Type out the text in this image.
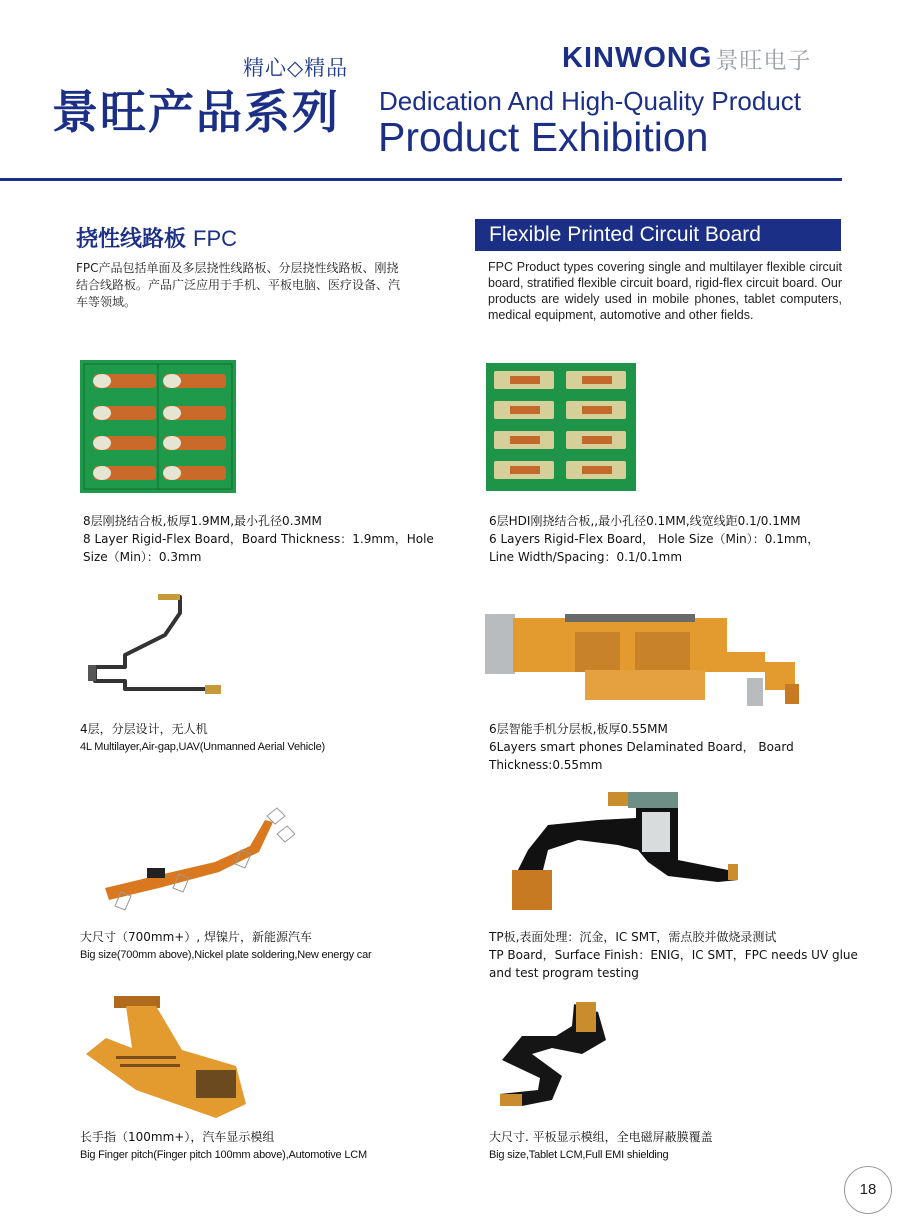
精心◇精品
景旺产品系列 Dedication And High-Quality Product
Product Exhibition
KINWONG 景旺电子
挠性线路板 FPC	Flexible Printed Circuit Board
FPC产品包括单面及多层挠性线路板、分层挠性线路板、刚挠结合线路板。产品广泛应用于手机、平板电脑、医疗设备、汽车等领域。
FPC Product types covering single and multilayer flexible circuit board, stratified flexible circuit board, rigid-flex circuit board. Our products are widely used in mobile phones, tablet computers, medical equipment, automotive and other fields.
8层刚挠结合板,板厚1.9MM,最小孔径0.3MM
8 Layer Rigid-Flex Board，Board Thickness：1.9mm，Hole
Size（Min）：0.3mm
6层HDI刚挠结合板,,最小孔径0.1MM,线宽线距0.1/0.1MM
6 Layers Rigid-Flex Board， Hole Size（Min）：0.1mm，
Line Width/Spacing：0.1/0.1mm
4层，分层设计，无人机
4L Multilayer,Air-gap,UAV(Unmanned Aerial Vehicle)
6层智能手机分层板,板厚0.55MM
6Layers smart phones Delaminated Board， Board
Thickness:0.55mm
大尺寸（700mm+）, 焊镍片，新能源汽车
Big size(700mm above),Nickel plate soldering,New energy car
TP板,表面处理：沉金，IC SMT，需点胶并做烧录测试
TP Board，Surface Finish：ENIG，IC SMT，FPC needs UV glue
and test program testing
长手指（100mm+），汽车显示模组
Big Finger pitch(Finger pitch 100mm above),Automotive LCM
大尺寸. 平板显示模组，全电磁屏蔽膜覆盖
Big size,Tablet LCM,Full EMI shielding
18
